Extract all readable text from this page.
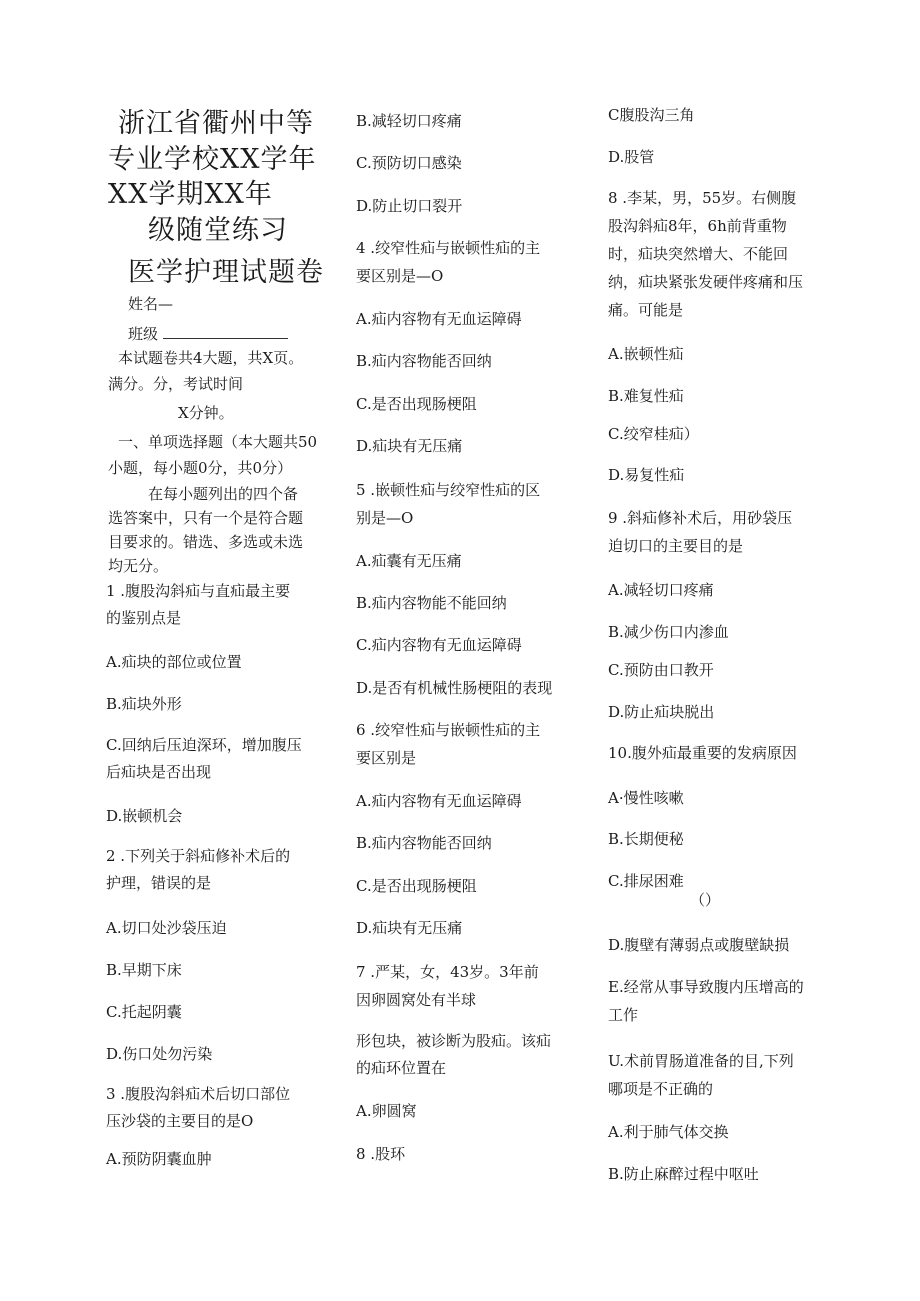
浙江省衢州中等
专业学校XX学年
XX学期XX年
级随堂练习
医学护理试题卷
姓名—
班级
本试题卷共4大题，共X页。
满分。分，考试时间
X分钟。
一、单项选择题（本大题共50
小题，每小题0分，共0分）
在每小题列出的四个备
选答案中，只有一个是符合题
目要求的。错选、多选或未选
均无分。
1 .腹股沟斜疝与直疝最主要
的鉴别点是
A.疝块的部位或位置
B.疝块外形
C.回纳后压迫深环，增加腹压
后疝块是否出现
D.嵌顿机会
2 .下列关于斜疝修补术后的
护理，错误的是
A.切口处沙袋压迫
B.早期下床
C.托起阴囊
D.伤口处勿污染
3 .腹股沟斜疝术后切口部位
压沙袋的主要目的是O
A.预防阴囊血肿
B.减轻切口疼痛
C.预防切口感染
D.防止切口裂开
4 .绞窄性疝与嵌顿性疝的主
要区别是—O
A.疝内容物有无血运障碍
B.疝内容物能否回纳
C.是否出现肠梗阻
D.疝块有无压痛
5 .嵌顿性疝与绞窄性疝的区
别是—O
A.疝囊有无压痛
B.疝内容物能不能回纳
C.疝内容物有无血运障碍
D.是否有机械性肠梗阻的表现
6 .绞窄性疝与嵌顿性疝的主
要区别是
A.疝内容物有无血运障碍
B.疝内容物能否回纳
C.是否出现肠梗阻
D.疝块有无压痛
7 .严某，女，43岁。3年前
因卵圆窝处有半球
形包块，被诊断为股疝。该疝
的疝环位置在
A.卵圆窝
8 .股环
C腹股沟三角
D.股管
8 .李某，男，55岁。右侧腹
股沟斜疝8年，6h前背重物
时，疝块突然增大、不能回
纳，疝块紧张发硬伴疼痛和压
痛。可能是
A.嵌顿性疝
B.难复性疝
C.绞窄桂疝）
D.易复性疝
9 .斜疝修补术后，用砂袋压
迫切口的主要目的是
A.减轻切口疼痛
B.减少伤口内渗血
C.预防由口教开
D.防止疝块脱出
10.腹外疝最重要的发病原因
A·慢性咳嗽
B.长期便秘
C.排尿困难
（）
D.腹壁有薄弱点或腹壁缺损
E.经常从事导致腹内压增高的
工作
U.术前胃肠道准备的目,下列
哪项是不正确的
A.利于肺气体交换
B.防止麻醉过程中呕吐
